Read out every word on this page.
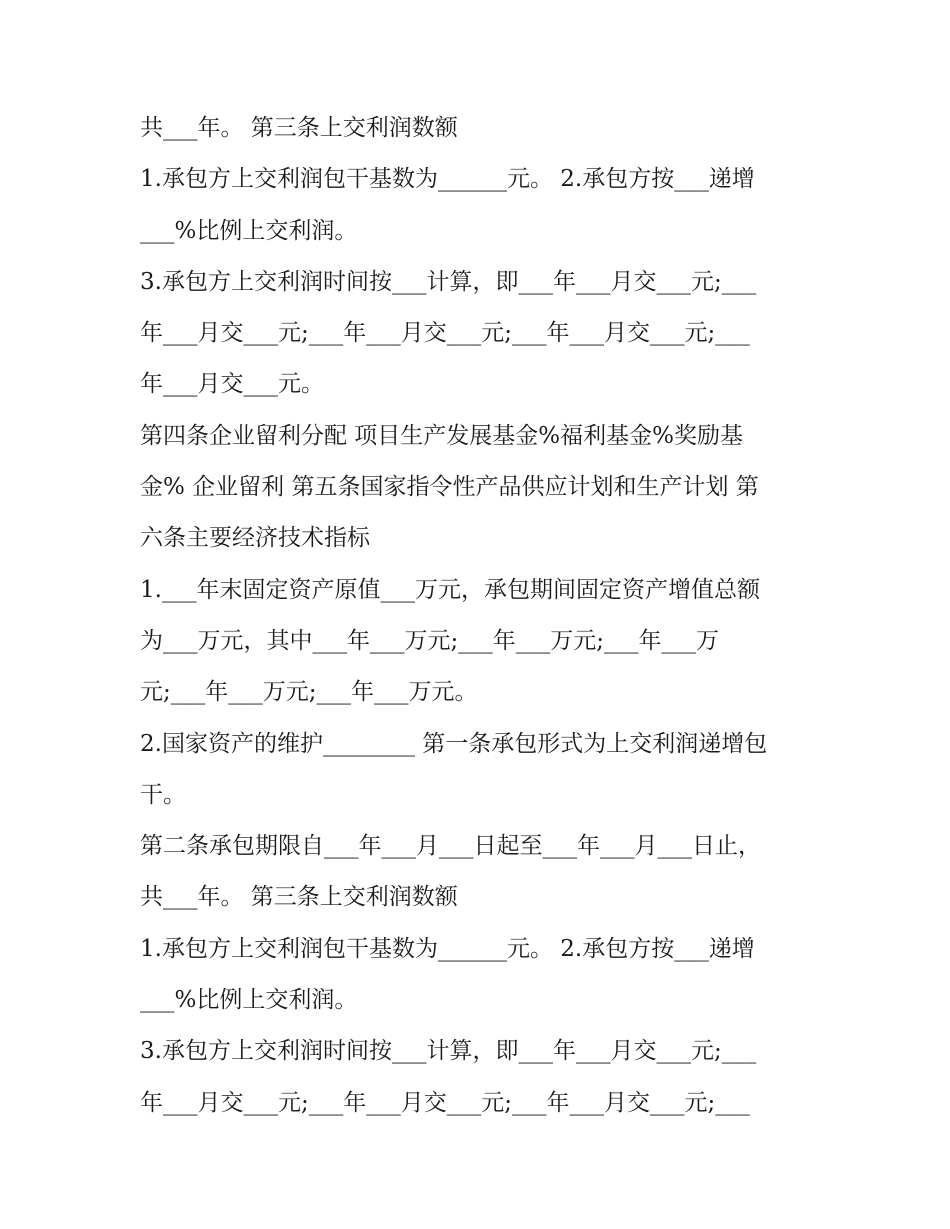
共___年。 第三条上交利润数额
1.承包方上交利润包干基数为______元。 2.承包方按___递增
___%比例上交利润。
3.承包方上交利润时间按___计算，即___年___月交___元;___
年___月交___元;___年___月交___元;___年___月交___元;___
年___月交___元。
第四条企业留利分配 项目生产发展基金%福利基金%奖励基
金% 企业留利 第五条国家指令性产品供应计划和生产计划 第
六条主要经济技术指标
1.___年末固定资产原值___万元，承包期间固定资产增值总额
为___万元，其中___年___万元;___年___万元;___年___万
元;___年___万元;___年___万元。
2.国家资产的维护________ 第一条承包形式为上交利润递增包
干。
第二条承包期限自___年___月___日起至___年___月___日止，
共___年。 第三条上交利润数额
1.承包方上交利润包干基数为______元。 2.承包方按___递增
___%比例上交利润。
3.承包方上交利润时间按___计算，即___年___月交___元;___
年___月交___元;___年___月交___元;___年___月交___元;___
